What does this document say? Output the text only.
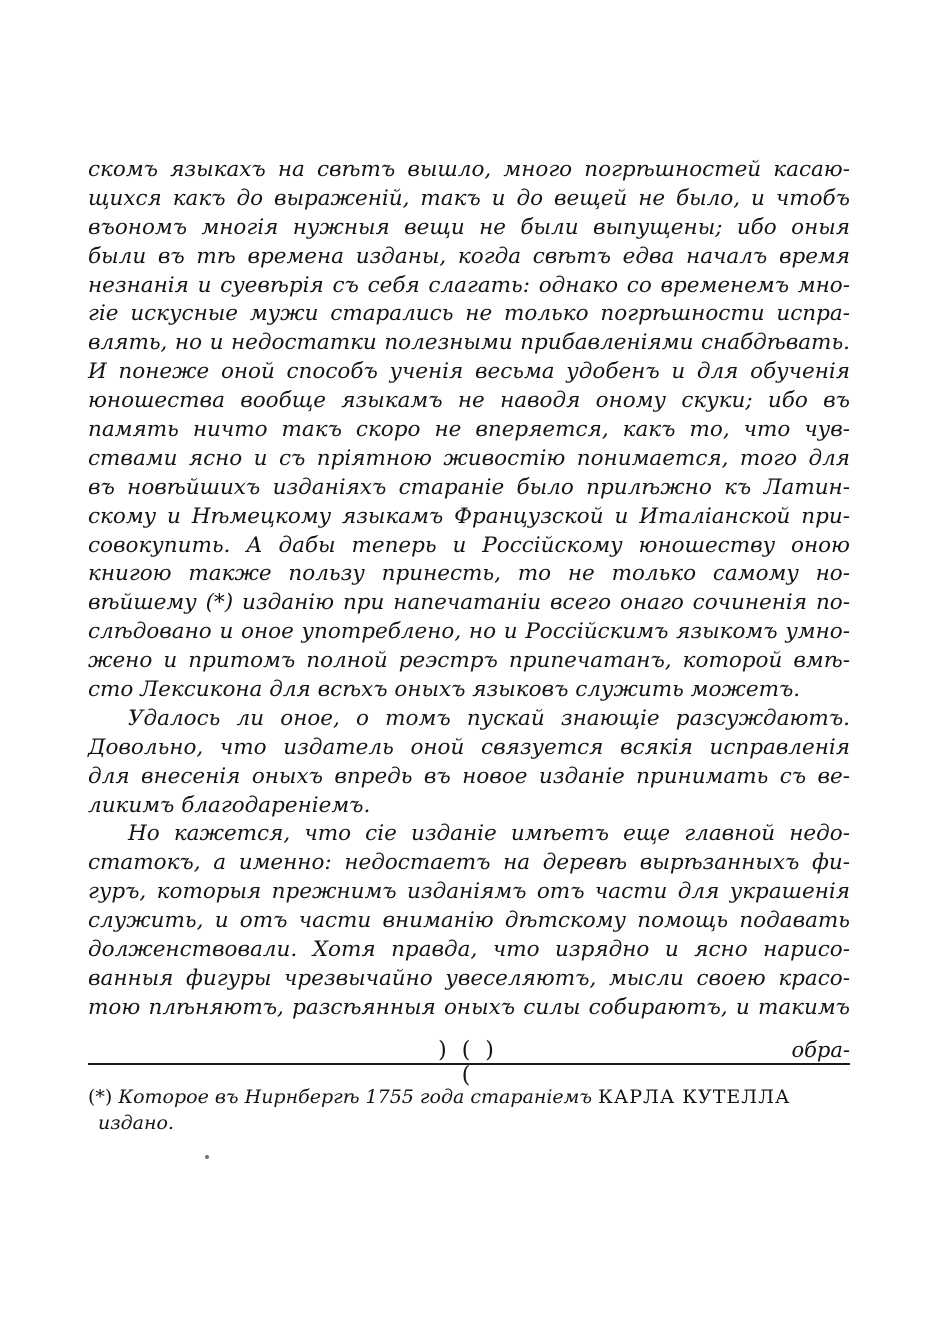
скомъ языкахъ на свѣтъ вышло, много погрѣшностей касаю-
щихся какъ до выраженій, такъ и до вещей не было, и чтобъ
въономъ многія нужныя вещи не были выпущены; ибо оныя
были въ тѣ времена изданы, когда свѣтъ едва началъ время
незнанія и суевѣрія съ себя слагать: однако со временемъ мно-
гіе искусные мужи старались не только погрѣшности испра-
влять, но и недостатки полезными прибавленіями снабдѣвать.
И понеже оной способъ ученія весьма удобенъ и для обученія
юношества вообще языкамъ не наводя оному скуки; ибо въ
память ничто такъ скоро не вперяется, какъ то, что чув-
ствами ясно и съ пріятною живостію понимается, того для
въ новѣйшихъ изданіяхъ стараніе было прилѣжно къ Латин-
скому и Нѣмецкому языкамъ Французской и Италіанской при-
совокупить. А дабы теперь и Россійскому юношеству оною
книгою также пользу принесть, то не только самому но-
вѣйшему (*) изданію при напечатаніи всего онаго сочиненія по-
слѣдовано и оное употреблено, но и Россійскимъ языкомъ умно-
жено и притомъ полной реэстръ припечатанъ, которой вмѣ-
сто Лексикона для всѣхъ оныхъ языковъ служить можетъ.
Удалось ли оное, о томъ пускай знающіе разсуждаютъ.
Довольно, что издатель оной связуется всякія исправленія
для внесенія оныхъ впредь въ новое изданіе принимать съ ве-
ликимъ благодареніемъ.
Но кажется, что сіе изданіе имѣетъ еще главной недо-
статокъ, а именно: недостаетъ на деревѣ вырѣзанныхъ фи-
гуръ, которыя прежнимъ изданіямъ отъ части для украшенія
служить, и отъ части вниманію дѣтскому помощь подавать
долженствовали. Хотя правда, что изрядно и ясно нарисо-
ванныя фигуры чрезвычайно увеселяютъ, мысли своею красо-
тою плѣняютъ, разсѣянныя оныхъ силы собираютъ, и такимъ
) ( ) (
обра-
(*) Которое въ Нирнбергѣ 1755 года стараніемъ КАРЛА КУТЕЛЛА
издано.
